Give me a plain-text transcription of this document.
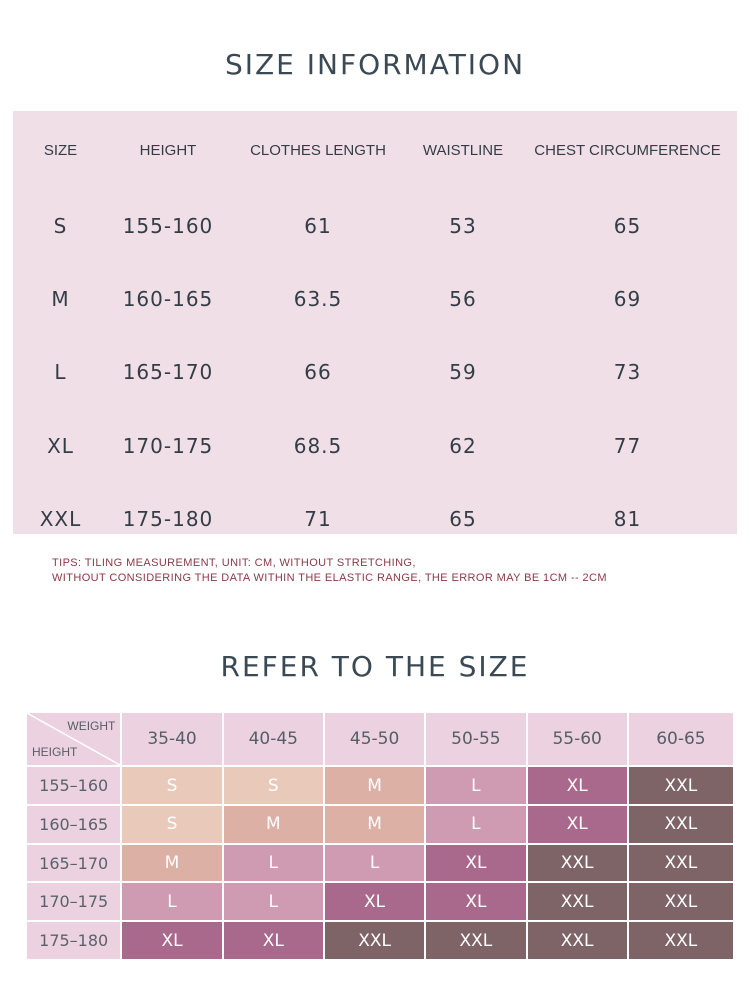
SIZE INFORMATION
SIZE	HEIGHT	CLOTHES LENGTH	WAISTLINE	CHEST CIRCUMFERENCE
S	155-160	61	53	65
M	160-165	63.5	56	69
L	165-170	66	59	73
XL	170-175	68.5	62	77
XXL	175-180	71	65	81
TIPS: TILING MEASUREMENT, UNIT: CM, WITHOUT STRETCHING,
WITHOUT CONSIDERING THE DATA WITHIN THE ELASTIC RANGE, THE ERROR MAY BE 1CM -- 2CM
REFER TO THE SIZE
WEIGHT
HEIGHT
35-40	40-45	45-50	50-55	55-60	60-65
155–160	S	S	M	L	XL	XXL
160–165	S	M	M	L	XL	XXL
165–170	M	L	L	XL	XXL	XXL
170–175	L	L	XL	XL	XXL	XXL
175–180	XL	XL	XXL	XXL	XXL	XXL
